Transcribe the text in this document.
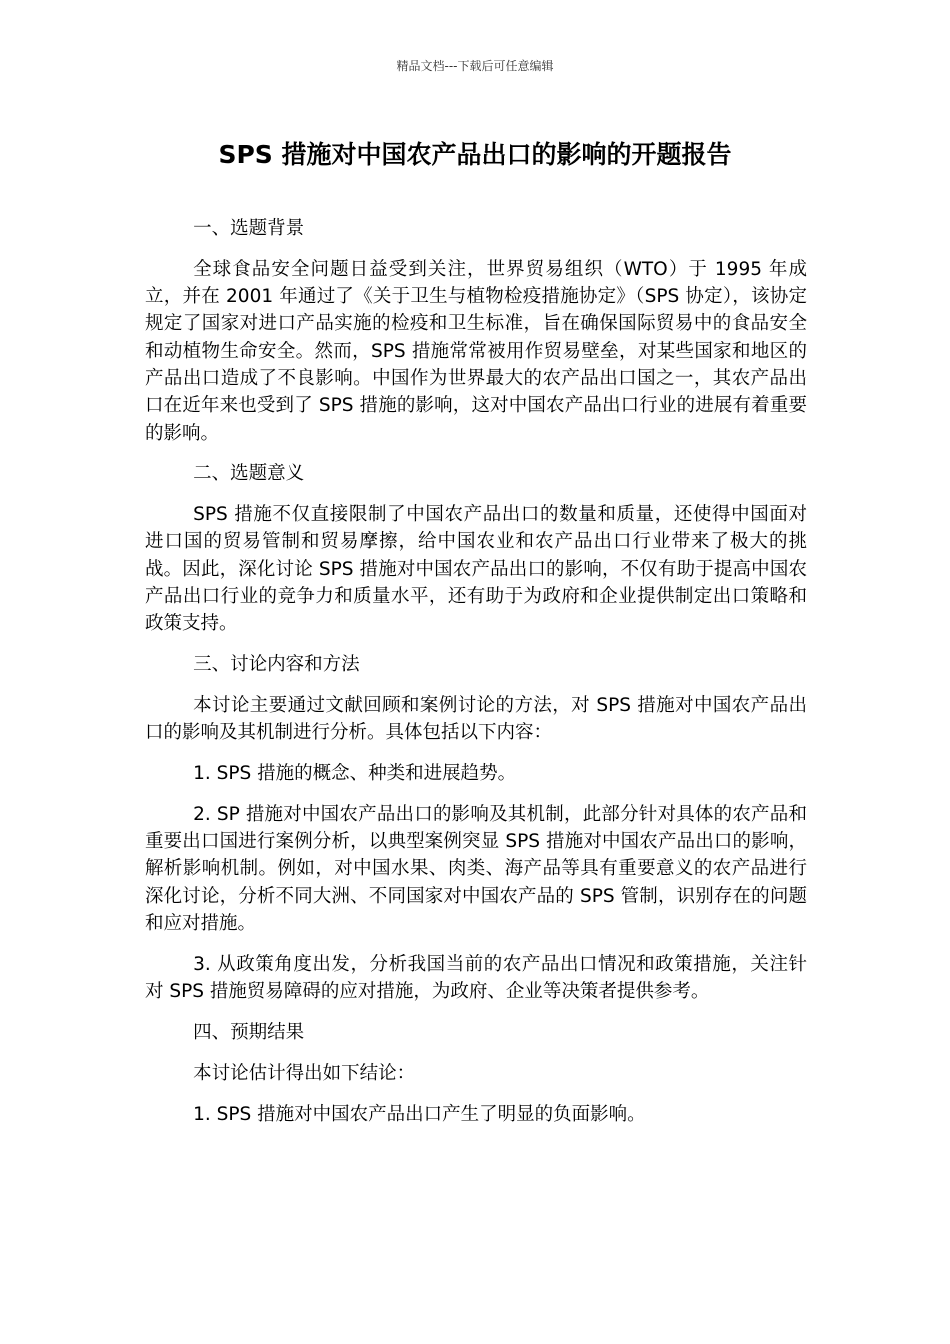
精品文档---下载后可任意编辑
SPS 措施对中国农产品出口的影响的开题报告

一、选题背景

全球食品安全问题日益受到关注，世界贸易组织（WTO）于 1995 年成立，并在 2001 年通过了《关于卫生与植物检疫措施协定》（SPS 协定），该协定规定了国家对进口产品实施的检疫和卫生标准，旨在确保国际贸易中的食品安全和动植物生命安全。然而，SPS 措施常常被用作贸易壁垒，对某些国家和地区的产品出口造成了不良影响。中国作为世界最大的农产品出口国之一，其农产品出口在近年来也受到了 SPS 措施的影响，这对中国农产品出口行业的进展有着重要的影响。

二、选题意义

SPS 措施不仅直接限制了中国农产品出口的数量和质量，还使得中国面对进口国的贸易管制和贸易摩擦，给中国农业和农产品出口行业带来了极大的挑战。因此，深化讨论 SPS 措施对中国农产品出口的影响，不仅有助于提高中国农产品出口行业的竞争力和质量水平，还有助于为政府和企业提供制定出口策略和政策支持。

三、讨论内容和方法

本讨论主要通过文献回顾和案例讨论的方法，对 SPS 措施对中国农产品出口的影响及其机制进行分析。具体包括以下内容：

1. SPS 措施的概念、种类和进展趋势。

2. SP 措施对中国农产品出口的影响及其机制，此部分针对具体的农产品和重要出口国进行案例分析，以典型案例突显 SPS 措施对中国农产品出口的影响，解析影响机制。例如，对中国水果、肉类、海产品等具有重要意义的农产品进行深化讨论，分析不同大洲、不同国家对中国农产品的 SPS 管制，识别存在的问题和应对措施。

3. 从政策角度出发，分析我国当前的农产品出口情况和政策措施，关注针对 SPS 措施贸易障碍的应对措施，为政府、企业等决策者提供参考。

四、预期结果

本讨论估计得出如下结论：

1. SPS 措施对中国农产品出口产生了明显的负面影响。
